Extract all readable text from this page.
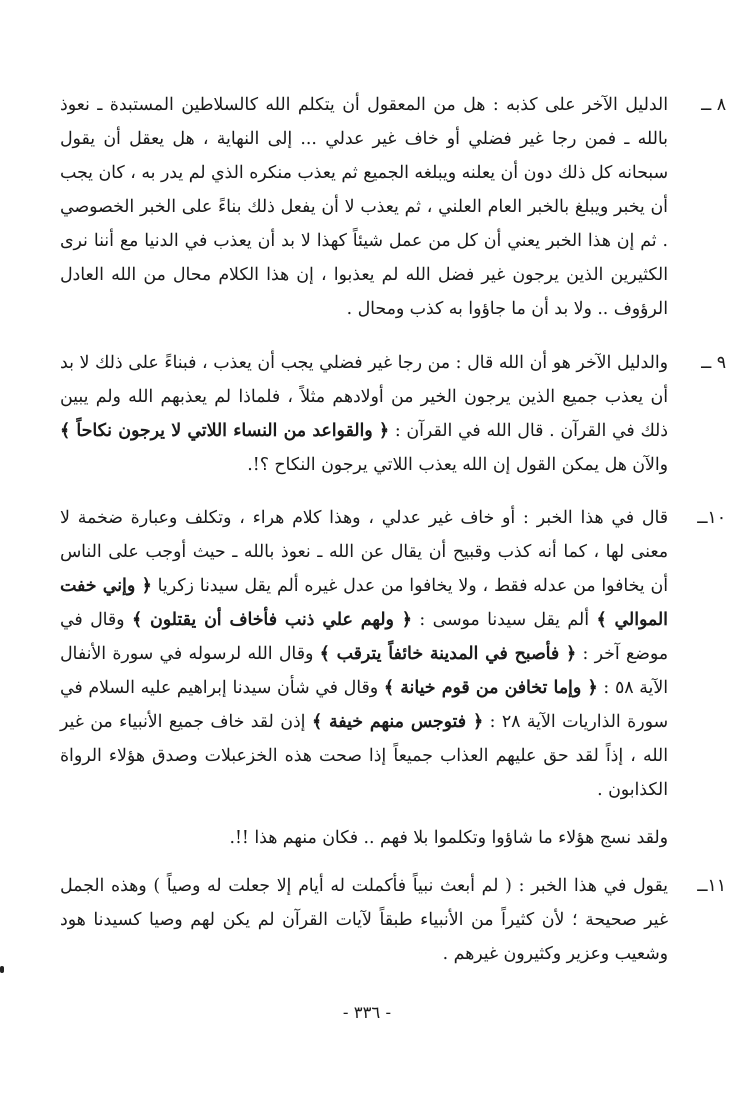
٨ ــ
الدليل الآخر على كذبه : هل من المعقول أن يتكلم الله كالسلاطين المستبدة ـ نعوذ بالله ـ فمن رجا غير فضلي أو خاف غير عدلي ... إلى النهاية ، هل يعقل أن يقول سبحانه كل ذلك دون أن يعلنه ويبلغه الجميع ثم يعذب منكره الذي لم يدر به ، كان يجب أن يخبر ويبلغ بالخبر العام العلني ، ثم يعذب لا أن يفعل ذلك بناءً على الخبر الخصوصي . ثم إن هذا الخبر يعني أن كل من عمل شيئاً كهذا لا بد أن يعذب في الدنيا مع أننا نرى الكثيرين الذين يرجون غير فضل الله لم يعذبوا ، إن هذا الكلام محال من الله العادل الرؤوف .. ولا بد أن ما جاؤوا به كذب ومحال .
٩ ــ
والدليل الآخر هو أن الله قال : من رجا غير فضلي يجب أن يعذب ، فبناءً على ذلك لا بد أن يعذب جميع الذين يرجون الخير من أولادهم مثلاً ، فلماذا لم يعذبهم الله ولم يبين ذلك في القرآن . قال الله في القرآن : ﴿ والقواعد من النساء اللاتي لا يرجون نكاحاً ﴾ والآن هل يمكن القول إن الله يعذب اللاتي يرجون النكاح ؟!.
١٠ــ
قال في هذا الخبر : أو خاف غير عدلي ، وهذا كلام هراء ، وتكلف وعبارة ضخمة لا معنى لها ، كما أنه كذب وقبيح أن يقال عن الله ـ نعوذ بالله ـ حيث أوجب على الناس أن يخافوا من عدله فقط ، ولا يخافوا من عدل غيره ألم يقل سيدنا زكريا ﴿ وإني خفت الموالي ﴾ ألم يقل سيدنا موسى : ﴿ ولهم علي ذنب فأخاف أن يقتلون ﴾ وقال في موضع آخر : ﴿ فأصبح في المدينة خائفاً يترقب ﴾ وقال الله لرسوله في سورة الأنفال الآية ٥٨ : ﴿ وإما تخافن من قوم خيانة ﴾ وقال في شأن سيدنا إبراهيم عليه السلام في سورة الذاريات الآية ٢٨ : ﴿ فتوجس منهم خيفة ﴾ إذن لقد خاف جميع الأنبياء من غير الله ، إذاً لقد حق عليهم العذاب جميعاً إذا صحت هذه الخزعبلات وصدق هؤلاء الرواة الكذابون .
ولقد نسج هؤلاء ما شاؤوا وتكلموا بلا فهم .. فكان منهم هذا !!.
١١ــ
يقول في هذا الخبر : ( لم أبعث نبياً فأكملت له أيام إلا جعلت له وصياً ) وهذه الجمل غير صحيحة ؛ لأن كثيراً من الأنبياء طبقاً لآيات القرآن لم يكن لهم وصيا كسيدنا هود وشعيب وعزير وكثيرون غيرهم .
- ٣٣٦ -
